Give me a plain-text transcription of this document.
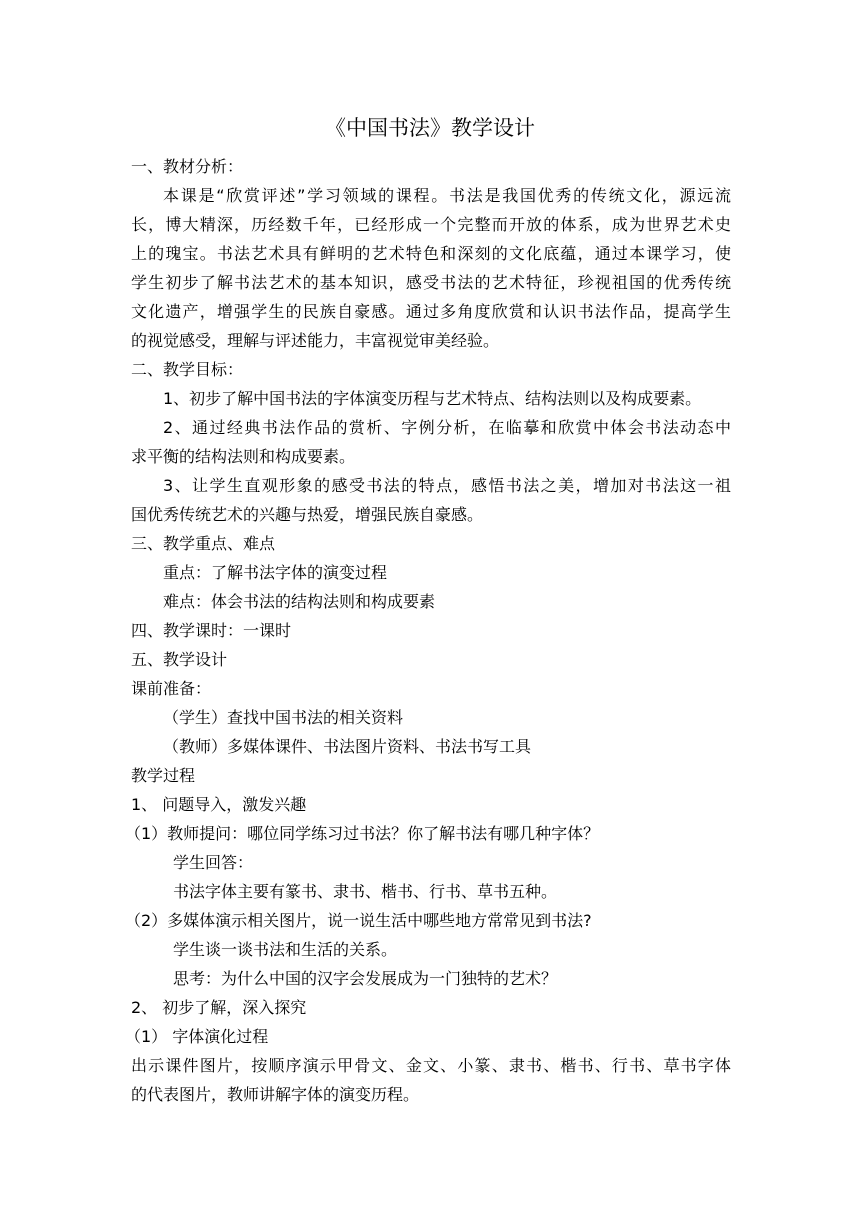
《中国书法》教学设计
一、教材分析：
本课是“欣赏评述”学习领域的课程。书法是我国优秀的传统文化，源远流
长，博大精深，历经数千年，已经形成一个完整而开放的体系，成为世界艺术史
上的瑰宝。书法艺术具有鲜明的艺术特色和深刻的文化底蕴，通过本课学习，使
学生初步了解书法艺术的基本知识，感受书法的艺术特征，珍视祖国的优秀传统
文化遗产，增强学生的民族自豪感。通过多角度欣赏和认识书法作品，提高学生
的视觉感受，理解与评述能力，丰富视觉审美经验。
二、教学目标：
1、初步了解中国书法的字体演变历程与艺术特点、结构法则以及构成要素。
2、通过经典书法作品的赏析、字例分析，在临摹和欣赏中体会书法动态中
求平衡的结构法则和构成要素。
3、让学生直观形象的感受书法的特点，感悟书法之美，增加对书法这一祖
国优秀传统艺术的兴趣与热爱，增强民族自豪感。
三、教学重点、难点
重点：了解书法字体的演变过程
难点：体会书法的结构法则和构成要素
四、教学课时：一课时
五、教学设计
课前准备：
（学生）查找中国书法的相关资料
（教师）多媒体课件、书法图片资料、书法书写工具
教学过程
1、 问题导入，激发兴趣
（1）教师提问：哪位同学练习过书法？你了解书法有哪几种字体？
学生回答：
书法字体主要有篆书、隶书、楷书、行书、草书五种。
（2）多媒体演示相关图片，说一说生活中哪些地方常常见到书法?
学生谈一谈书法和生活的关系。
思考：为什么中国的汉字会发展成为一门独特的艺术？
2、 初步了解，深入探究
（1） 字体演化过程
出示课件图片，按顺序演示甲骨文、金文、小篆、隶书、楷书、行书、草书字体
的代表图片，教师讲解字体的演变历程。
